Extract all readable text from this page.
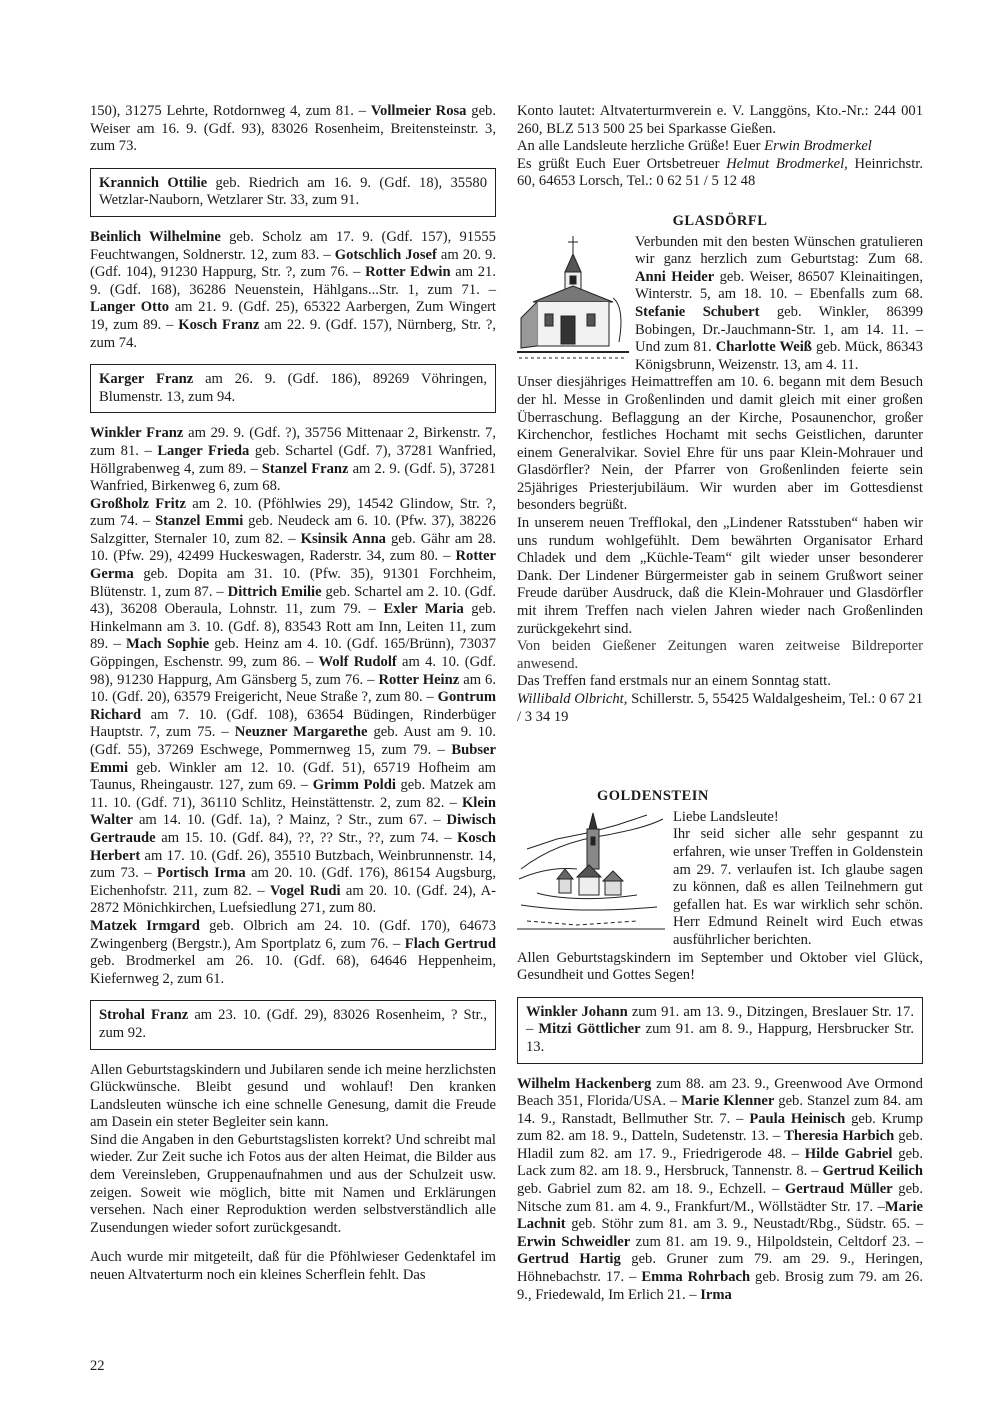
150), 31275 Lehrte, Rotdornweg 4, zum 81. – Vollmeier Rosa geb. Weiser am 16. 9. (Gdf. 93), 83026 Rosenheim, Breitensteinstr. 3, zum 73.

Krannich Ottilie geb. Riedrich am 16. 9. (Gdf. 18), 35580 Wetzlar-Nauborn, Wetzlarer Str. 33, zum 91.

Beinlich Wilhelmine geb. Scholz am 17. 9. (Gdf. 157), 91555 Feuchtwangen, Soldnerstr. 12, zum 83. – Gotschlich Josef am 20. 9. (Gdf. 104), 91230 Happurg, Str. ?, zum 76. – Rotter Edwin am 21. 9. (Gdf. 168), 36286 Neuenstein, Hählgans...Str. 1, zum 71. – Langer Otto am 21. 9. (Gdf. 25), 65322 Aarbergen, Zum Wingert 19, zum 89. – Kosch Franz am 22. 9. (Gdf. 157), Nürnberg, Str. ?, zum 74.

Karger Franz am 26. 9. (Gdf. 186), 89269 Vöhringen, Blumenstr. 13, zum 94.

Winkler Franz am 29. 9. (Gdf. ?), 35756 Mittenaar 2, Birkenstr. 7, zum 81. – Langer Frieda geb. Schartel (Gdf. 7), 37281 Wanfried, Höllgrabenweg 4, zum 89. – Stanzel Franz am 2. 9. (Gdf. 5), 37281 Wanfried, Birkenweg 6, zum 68.

Großholz Fritz am 2. 10. (Pföhlwies 29), 14542 Glindow, Str. ?, zum 74. – Stanzel Emmi geb. Neudeck am 6. 10. (Pfw. 37), 38226 Salzgitter, Sternaler 10, zum 82. – Ksinsik Anna geb. Gähr am 28. 10. (Pfw. 29), 42499 Huckeswagen, Raderstr. 34, zum 80. – Rotter Germa geb. Dopita am 31. 10. (Pfw. 35), 91301 Forchheim, Blütenstr. 1, zum 87. – Dittrich Emilie geb. Schartel am 2. 10. (Gdf. 43), 36208 Oberaula, Lohnstr. 11, zum 79. – Exler Maria geb. Hinkelmann am 3. 10. (Gdf. 8), 83543 Rott am Inn, Leiten 11, zum 89. – Mach Sophie geb. Heinz am 4. 10. (Gdf. 165/Brünn), 73037 Göppingen, Eschenstr. 99, zum 86. – Wolf Rudolf am 4. 10. (Gdf. 98), 91230 Happurg, Am Gänsberg 5, zum 76. – Rotter Heinz am 6. 10. (Gdf. 20), 63579 Freigericht, Neue Straße ?, zum 80. – Gontrum Richard am 7. 10. (Gdf. 108), 63654 Büdingen, Rinderbüger Hauptstr. 7, zum 75. – Neuzner Margarethe geb. Aust am 9. 10. (Gdf. 55), 37269 Eschwege, Pommernweg 15, zum 79. – Bubser Emmi geb. Winkler am 12. 10. (Gdf. 51), 65719 Hofheim am Taunus, Rheingaustr. 127, zum 69. – Grimm Poldi geb. Matzek am 11. 10. (Gdf. 71), 36110 Schlitz, Heinstättenstr. 2, zum 82. – Klein Walter am 14. 10. (Gdf. 1a), ? Mainz, ? Str., zum 67. – Diwisch Gertraude am 15. 10. (Gdf. 84), ??, ?? Str., ??, zum 74. – Kosch Herbert am 17. 10. (Gdf. 26), 35510 Butzbach, Weinbrunnenstr. 14, zum 73. – Portisch Irma am 20. 10. (Gdf. 176), 86154 Augsburg, Eichenhofstr. 211, zum 82. – Vogel Rudi am 20. 10. (Gdf. 24), A-2872 Mönichkirchen, Luefsiedlung 271, zum 80.

Matzek Irmgard geb. Olbrich am 24. 10. (Gdf. 170), 64673 Zwingenberg (Bergstr.), Am Sportplatz 6, zum 76. – Flach Gertrud geb. Brodmerkel am 26. 10. (Gdf. 68), 64646 Heppenheim, Kiefernweg 2, zum 61.

Strohal Franz am 23. 10. (Gdf. 29), 83026 Rosenheim, ? Str., zum 92.

Allen Geburtstagskindern und Jubilaren sende ich meine herzlichsten Glückwünsche. Bleibt gesund und wohlauf! Den kranken Landsleuten wünsche ich eine schnelle Genesung, damit die Freude am Dasein ein steter Begleiter sein kann.

Sind die Angaben in den Geburtstagslisten korrekt? Und schreibt mal wieder. Zur Zeit suche ich Fotos aus der alten Heimat, die Bilder aus dem Vereinsleben, Gruppenaufnahmen und aus der Schulzeit usw. zeigen. Soweit wie möglich, bitte mit Namen und Erklärungen versehen. Nach einer Reproduktion werden selbstverständlich alle Zusendungen wieder sofort zurückgesandt.

Auch wurde mir mitgeteilt, daß für die Pföhlwieser Gedenktafel im neuen Altvaterturm noch ein kleines Scherflein fehlt. Das

Konto lautet: Altvaterturmverein e. V. Langgöns, Kto.-Nr.: 244 001 260, BLZ 513 500 25 bei Sparkasse Gießen.

An alle Landsleute herzliche Grüße! Euer Erwin Brodmerkel

Es grüßt Euch Euer Ortsbetreuer Helmut Brodmerkel, Heinrichstr. 60, 64653 Lorsch, Tel.: 0 62 51 / 5 12 48

GLASDÖRFL

Verbunden mit den besten Wünschen gratulieren wir ganz herzlich zum Geburtstag: Zum 68. Anni Heider geb. Weiser, 86507 Kleinaitingen, Winterstr. 5, am 18. 10. – Ebenfalls zum 68. Stefanie Schubert geb. Winkler, 86399 Bobingen, Dr.-Jauchmann-Str. 1, am 14. 11. – Und zum 81. Charlotte Weiß geb. Mück, 86343 Königsbrunn, Weizenstr. 13, am 4. 11.

Unser diesjähriges Heimattreffen am 10. 6. begann mit dem Besuch der hl. Messe in Großenlinden und damit gleich mit einer großen Überraschung. Beflaggung an der Kirche, Posaunenchor, großer Kirchenchor, festliches Hochamt mit sechs Geistlichen, darunter einem Generalvikar. Soviel Ehre für uns paar Klein-Mohrauer und Glasdörfler? Nein, der Pfarrer von Großenlinden feierte sein 25jähriges Priesterjubiläum. Wir wurden aber im Gottesdienst besonders begrüßt.

In unserem neuen Trefflokal, den „Lindener Ratsstuben“ haben wir uns rundum wohlgefühlt. Dem bewährten Organisator Erhard Chladek und dem „Küchle-Team“ gilt wieder unser besonderer Dank. Der Lindener Bürgermeister gab in seinem Grußwort seiner Freude darüber Ausdruck, daß die Klein-Mohrauer und Glasdörfler mit ihrem Treffen nach vielen Jahren wieder nach Großenlinden zurückgekehrt sind.

Von beiden Gießener Zeitungen waren zeitweise Bildreporter anwesend.

Das Treffen fand erstmals nur an einem Sonntag statt.

Willibald Olbricht, Schillerstr. 5, 55425 Waldalgesheim, Tel.: 0 67 21 / 3 34 19

GOLDENSTEIN

Liebe Landsleute!

Ihr seid sicher alle sehr gespannt zu erfahren, wie unser Treffen in Goldenstein am 29. 7. verlaufen ist. Ich glaube sagen zu können, daß es allen Teilnehmern gut gefallen hat. Es war wirklich sehr schön. Herr Edmund Reinelt wird Euch etwas ausführlicher berichten.

Allen Geburtstagskindern im September und Oktober viel Glück, Gesundheit und Gottes Segen!

Winkler Johann zum 91. am 13. 9., Ditzingen, Breslauer Str. 17. – Mitzi Göttlicher zum 91. am 8. 9., Happurg, Hersbrucker Str. 13.

Wilhelm Hackenberg zum 88. am 23. 9., Greenwood Ave Ormond Beach 351, Florida/USA. – Marie Klenner geb. Stanzel zum 84. am 14. 9., Ranstadt, Bellmuther Str. 7. – Paula Heinisch geb. Krump zum 82. am 18. 9., Datteln, Sudetenstr. 13. – Theresia Harbich geb. Hladil zum 82. am 17. 9., Friedrigerode 48. – Hilde Gabriel geb. Lack zum 82. am 18. 9., Hersbruck, Tannenstr. 8. – Gertrud Keilich geb. Gabriel zum 82. am 18. 9., Echzell. – Gertraud Müller geb. Nitsche zum 81. am 4. 9., Frankfurt/M., Wöllstädter Str. 17. –Marie Lachnit geb. Stöhr zum 81. am 3. 9., Neustadt/Rbg., Südstr. 65. – Erwin Schweidler zum 81. am 19. 9., Hilpoldstein, Celtdorf 23. – Gertrud Hartig geb. Gruner zum 79. am 29. 9., Heringen, Höhnebachstr. 17. – Emma Rohrbach geb. Brosig zum 79. am 26. 9., Friedewald, Im Erlich 21. – Irma

22
